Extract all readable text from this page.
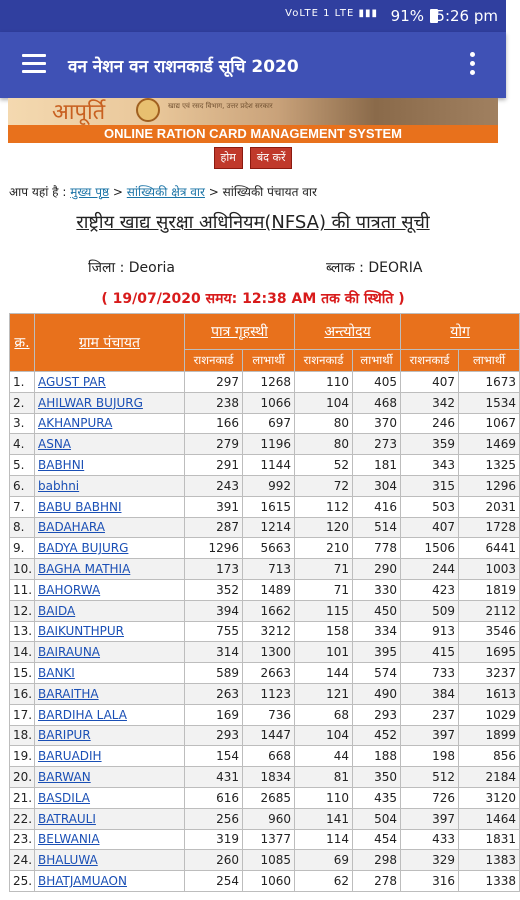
VoLTE 1 LTE ▮▮▮ 91% 5:26 pm
वन नेशन वन राशनकार्ड सूचि 2020
आपूर्ति	खाद्य एवं रसद विभाग, उत्तर प्रदेश सरकार
ONLINE RATION CARD MANAGEMENT SYSTEM
होम बंद करें
आप यहां है : मुख्य पृष्ठ > सांख्यिकी क्षेत्र वार > सांख्यिकी पंचायत वार
राष्ट्रीय खाद्य सुरक्षा अधिनियम(NFSA) की पात्रता सूची
जिला : Deoria	ब्लाक : DEORIA
( 19/07/2020 समय: 12:38 AM तक की स्थिति )
क्र.	ग्राम पंचायत	पात्र गृहस्थी		अन्त्योदय		योग	
		राशनकार्ड	लाभार्थी	राशनकार्ड	लाभार्थी	राशनकार्ड	लाभार्थी
1.	AGUST PAR	297	1268	110	405	407	1673
2.	AHILWAR BUJURG	238	1066	104	468	342	1534
3.	AKHANPURA	166	697	80	370	246	1067
4.	ASNA	279	1196	80	273	359	1469
5.	BABHNI	291	1144	52	181	343	1325
6.	babhni	243	992	72	304	315	1296
7.	BABU BABHNI	391	1615	112	416	503	2031
8.	BADAHARA	287	1214	120	514	407	1728
9.	BADYA BUJURG	1296	5663	210	778	1506	6441
10.	BAGHA MATHIA	173	713	71	290	244	1003
11.	BAHORWA	352	1489	71	330	423	1819
12.	BAIDA	394	1662	115	450	509	2112
13.	BAIKUNTHPUR	755	3212	158	334	913	3546
14.	BAIRAUNA	314	1300	101	395	415	1695
15.	BANKI	589	2663	144	574	733	3237
16.	BARAITHA	263	1123	121	490	384	1613
17.	BARDIHA LALA	169	736	68	293	237	1029
18.	BARIPUR	293	1447	104	452	397	1899
19.	BARUADIH	154	668	44	188	198	856
20.	BARWAN	431	1834	81	350	512	2184
21.	BASDILA	616	2685	110	435	726	3120
22.	BATRAULI	256	960	141	504	397	1464
23.	BELWANIA	319	1377	114	454	433	1831
24.	BHALUWA	260	1085	69	298	329	1383
25.	BHATJAMUAON	254	1060	62	278	316	1338
